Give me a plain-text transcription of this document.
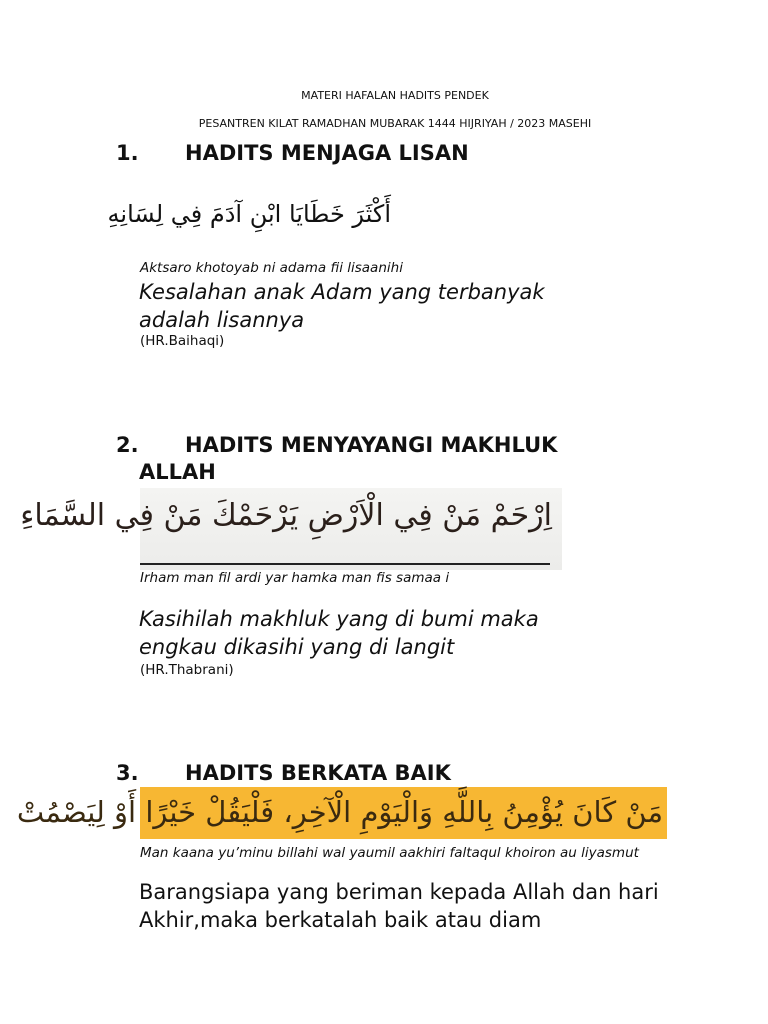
MATERI HAFALAN HADITS PENDEK
PESANTREN KILAT RAMADHAN MUBARAK 1444 HIJRIYAH / 2023 MASEHI
1. HADITS MENJAGA LISAN
أَكْثَرَ خَطَايَا ابْنِ آدَمَ فِي لِسَانِهِ
Aktsaro khotoyab ni adama fii lisaanihi
Kesalahan anak Adam yang terbanyak adalah lisannya
(HR.Baihaqi)
2. HADITS MENYAYANGI MAKHLUK
ALLAH
اِرْحَمْ مَنْ فِي الْاَرْضِ يَرْحَمْكَ مَنْ فِي السَّمَاءِ
Irham man fil ardi yar hamka man fis samaa i
Kasihilah makhluk yang di bumi maka engkau dikasihi yang di langit
(HR.Thabrani)
3. HADITS BERKATA BAIK
مَنْ كَانَ يُؤْمِنُ بِاللَّهِ وَالْيَوْمِ الْآخِرِ، فَلْيَقُلْ خَيْرًا أَوْ لِيَصْمُتْ
Man kaana yu’minu billahi wal yaumil aakhiri faltaqul khoiron au liyasmut
Barangsiapa yang beriman kepada Allah dan hari Akhir,maka berkatalah baik atau diam
